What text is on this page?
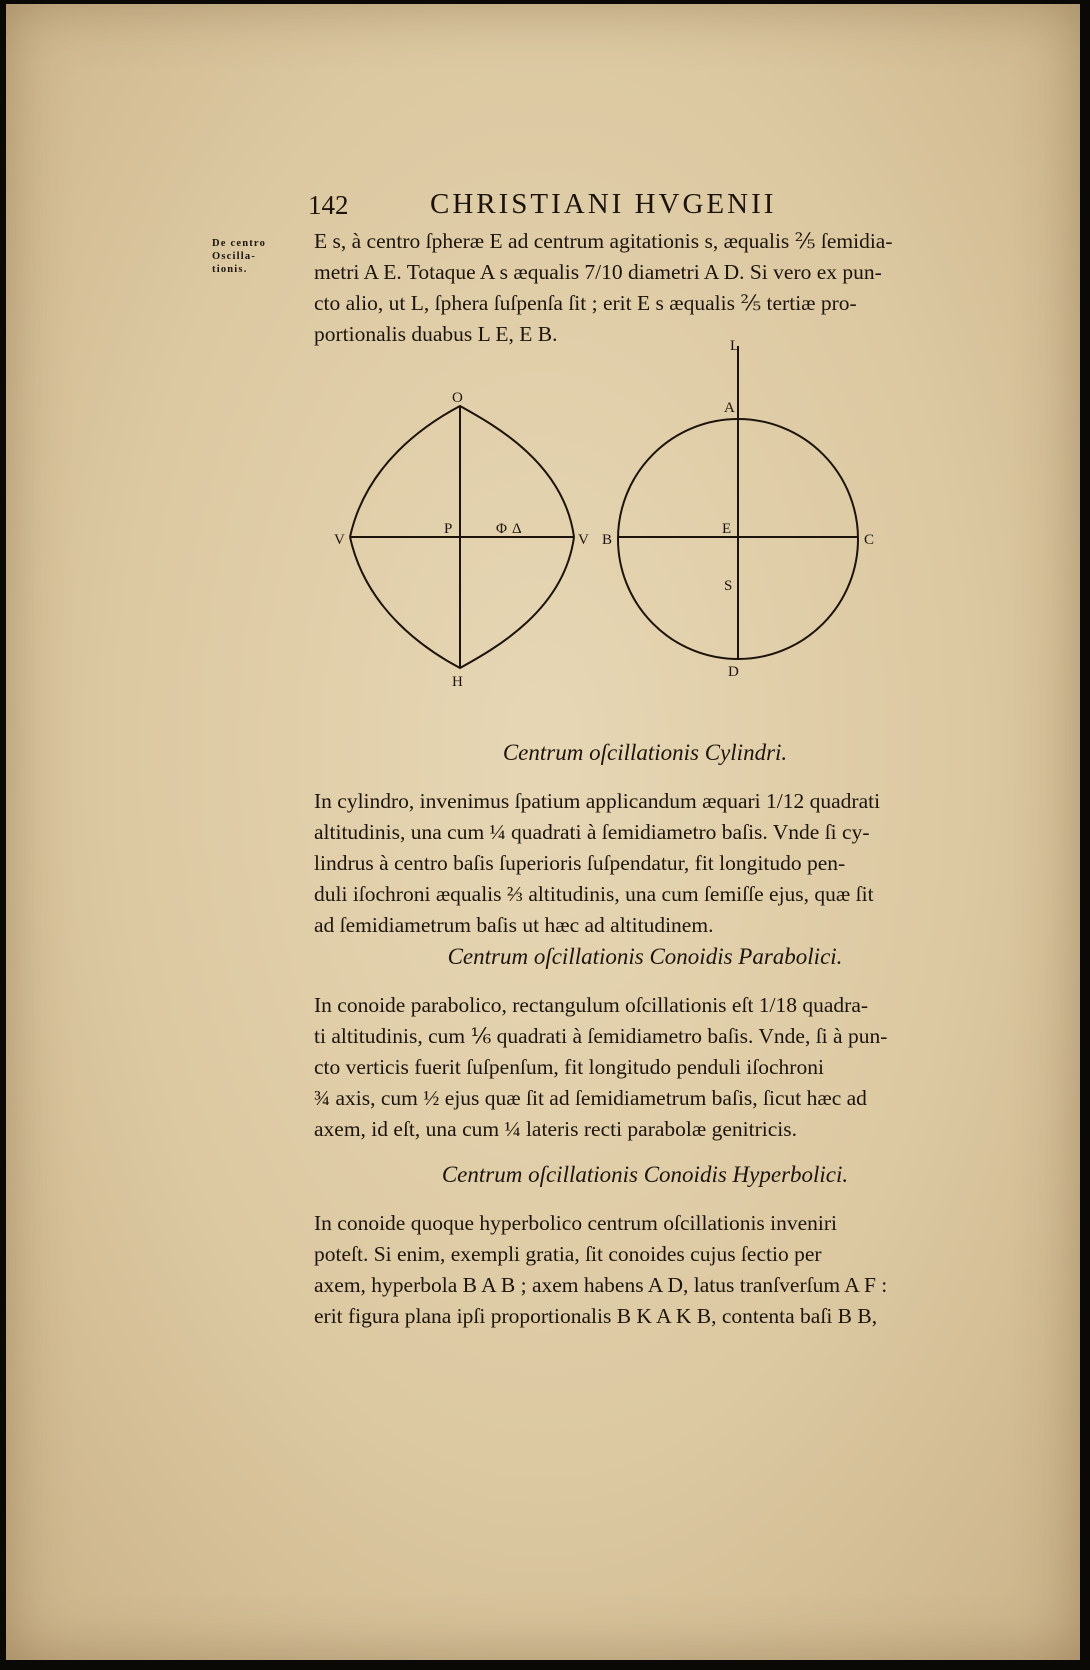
142	CHRISTIANI HVGENII
De centro
Oscilla-
tionis.
E s, à centro ſpheræ E ad centrum agitationis s, æqualis ⅖ ſemidia-
metri A E. Totaque A s æqualis 7/10 diametri A D. Si vero ex pun-
cto alio, ut L, ſphera ſuſpenſa ſit ; erit E s æqualis ⅖ tertiæ pro-
portionalis duabus L E, E B.
O
H
V	V
P	Φ Δ
L
A
B	C
E
S
D
Centrum oſcillationis Cylindri.
In cylindro, invenimus ſpatium applicandum æquari 1/12 quadrati
altitudinis, una cum ¼ quadrati à ſemidiametro baſis. Vnde ſi cy-
lindrus à centro baſis ſuperioris ſuſpendatur, fit longitudo pen-
duli iſochroni æqualis ⅔ altitudinis, una cum ſemiſſe ejus, quæ ſit
ad ſemidiametrum baſis ut hæc ad altitudinem.
Centrum oſcillationis Conoidis Parabolici.
In conoide parabolico, rectangulum oſcillationis eſt 1/18 quadra-
ti altitudinis, cum ⅙ quadrati à ſemidiametro baſis. Vnde, ſi à pun-
cto verticis fuerit ſuſpenſum, fit longitudo penduli iſochroni
¾ axis, cum ½ ejus quæ ſit ad ſemidiametrum baſis, ſicut hæc ad
axem, id eſt, una cum ¼ lateris recti parabolæ genitricis.
Centrum oſcillationis Conoidis Hyperbolici.
In conoide quoque hyperbolico centrum oſcillationis inveniri
poteſt. Si enim, exempli gratia, ſit conoides cujus ſectio per
axem, hyperbola B A B ; axem habens A D, latus tranſverſum A F :
erit figura plana ipſi proportionalis B K A K B, contenta baſi B B,
